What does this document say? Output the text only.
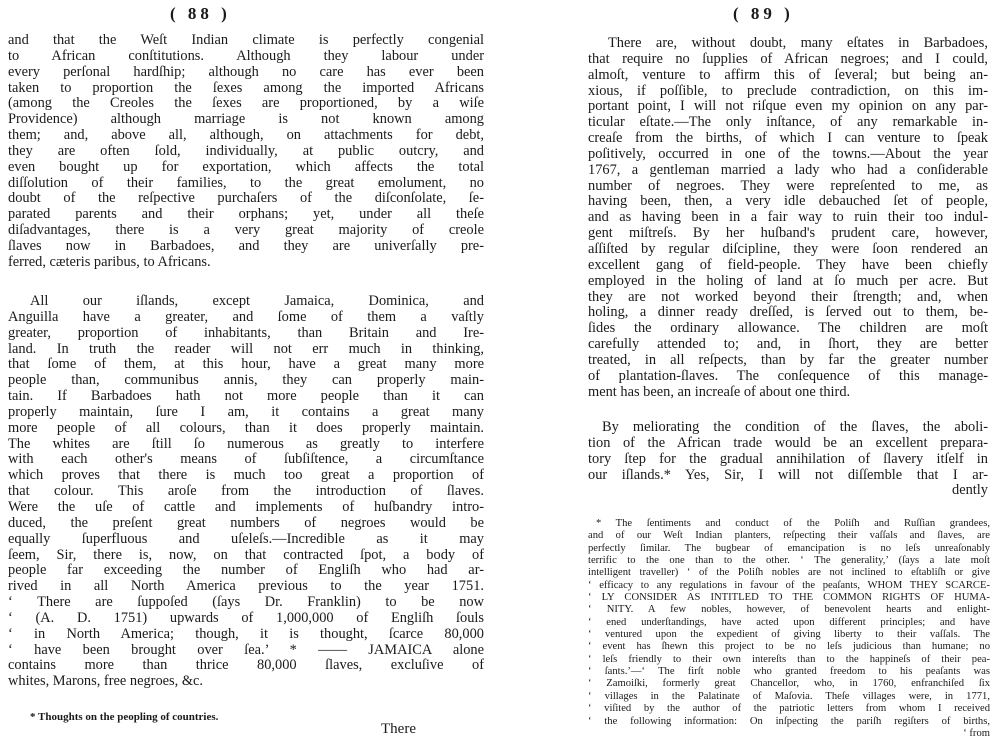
( 88 )

and that the Weſt Indian climate is perfectly congenial
to African conſtitutions. Although they labour under
every perſonal hardſhip; although no care has ever been
taken to proportion the ſexes among the imported Africans
(among the Creoles the ſexes are proportioned, by a wiſe
Providence) although marriage is not known among
them; and, above all, although, on attachments for debt,
they are often ſold, individually, at public outcry, and
even bought up for exportation, which affects the total
diſſolution of their families, to the great emolument, no
doubt of the reſpective purchaſers of the diſconſolate, ſe-
parated parents and their orphans; yet, under all theſe
diſadvantages, there is a very great majority of creole
ſlaves now in Barbadoes, and they are univerſally pre-
ferred, cæteris paribus, to Africans.
All our iſlands, except Jamaica, Dominica, and
Anguilla have a greater, and ſome of them a vaſtly
greater, proportion of inhabitants, than Britain and Ire-
land. In truth the reader will not err much in thinking,
that ſome of them, at this hour, have a great many more
people than, communibus annis, they can properly main-
tain. If Barbadoes hath not more people than it can
properly maintain, ſure I am, it contains a great many
more people of all colours, than it does properly maintain.
The whites are ſtill ſo numerous as greatly to interfere
with each other's means of ſubſiſtence, a circumſtance
which proves that there is much too great a proportion of
that colour. This aroſe from the introduction of ſlaves.
Were the uſe of cattle and implements of huſbandry intro-
duced, the preſent great numbers of negroes would be
equally ſuperfluous and uſeleſs.—Incredible as it may
ſeem, Sir, there is, now, on that contracted ſpot, a body of
people far exceeding the number of Engliſh who had ar-
rived in all North America previous to the year 1751.
‘ There are ſuppoſed (ſays Dr. Franklin) to be now
‘ (A. D. 1751) upwards of 1,000,000 of Engliſh ſouls
‘ in North America; though, it is thought, ſcarce 80,000
‘ have been brought over ſea.’ * —— JAMAICA alone
contains more than thrice 80,000 ſlaves, excluſive of
whites, Marons, free negroes, &c.

* Thoughts on the peopling of countries.

There

( 89 )

There are, without doubt, many eſtates in Barbadoes,
that require no ſupplies of African negroes; and I could,
almoſt, venture to affirm this of ſeveral; but being an-
xious, if poſſible, to preclude contradiction, on this im-
portant point, I will not riſque even my opinion on any par-
ticular eſtate.—The only inſtance, of any remarkable in-
creaſe from the births, of which I can venture to ſpeak
poſitively, occurred in one of the towns.—About the year
1767, a gentleman married a lady who had a conſiderable
number of negroes. They were repreſented to me, as
having been, then, a very idle debauched ſet of people,
and as having been in a fair way to ruin their too indul-
gent miſtreſs. By her huſband's prudent care, however,
aſſiſted by regular diſcipline, they were ſoon rendered an
excellent gang of field-people. They have been chiefly
employed in the holing of land at ſo much per acre. But
they are not worked beyond their ſtrength; and, when
holing, a dinner ready dreſſed, is ſerved out to them, be-
ſides the ordinary allowance. The children are moſt
carefully attended to; and, in ſhort, they are better
treated, in all reſpects, than by far the greater number
of plantation-ſlaves. The conſequence of this manage-
ment has been, an increaſe of about one third.
By meliorating the condition of the ſlaves, the aboli-
tion of the African trade would be an excellent prepara-
tory ſtep for the gradual annihilation of ſlavery itſelf in
our iſlands.* Yes, Sir, I will not diſſemble that I ar-
dently
* The ſentiments and conduct of the Poliſh and Ruſſian grandees,
and of our Weſt Indian planters, reſpecting their vaſſals and ſlaves, are
perfectly ſimilar. The bugbear of emancipation is no leſs unreaſonably
terrific to the one than to the other. ‘ The generality,’ (ſays a late moſt
intelligent traveller) ‘ of the Poliſh nobles are not inclined to eſtabliſh or give
‘ efficacy to any regulations in favour of the peaſants, WHOM THEY SCARCE-
‘ LY CONSIDER AS INTITLED TO THE COMMON RIGHTS OF HUMA-
‘ NITY. A few nobles, however, of benevolent hearts and enlight-
‘ ened underſtandings, have acted upon different principles; and have
‘ ventured upon the expedient of giving liberty to their vaſſals. The
‘ event has ſhewn this project to be no leſs judicious than humane; no
‘ leſs friendly to their own intereſts than to the happineſs of their pea-
‘ ſants.’—‘ The firſt noble who granted freedom to his peaſants was
‘ Zamoiſki, formerly great Chancellor, who, in 1760, enfranchiſed ſix
‘ villages in the Palatinate of Maſovia. Theſe villages were, in 1771,
‘ viſited by the author of the patriotic letters from whom I received
‘ the following information: On inſpecting the pariſh regiſters of births,
‘ from
